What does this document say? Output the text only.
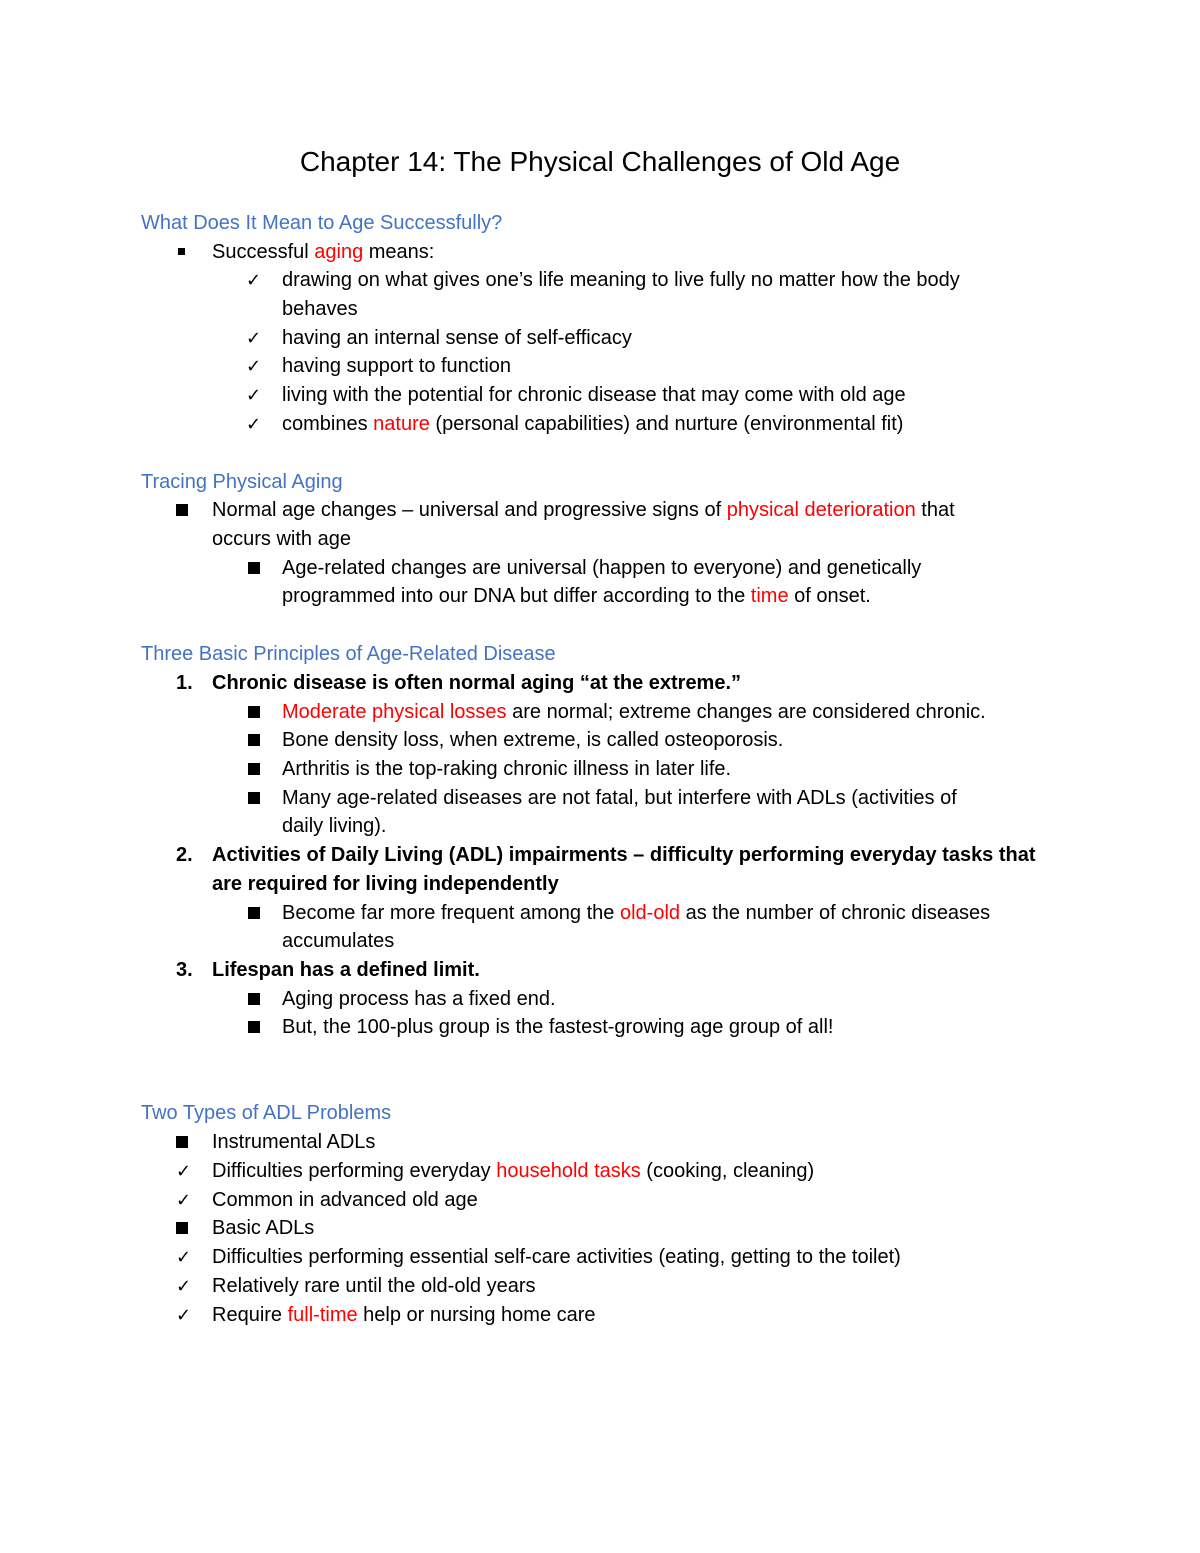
Chapter 14: The Physical Challenges of Old Age
What Does It Mean to Age Successfully?
Successful aging means:
✓ drawing on what gives one’s life meaning to live fully no matter how the body
behaves
✓ having an internal sense of self-efficacy
✓ having support to function
✓ living with the potential for chronic disease that may come with old age
✓ combines nature (personal capabilities) and nurture (environmental fit)
Tracing Physical Aging
Normal age changes – universal and progressive signs of physical deterioration that
occurs with age
Age-related changes are universal (happen to everyone) and genetically
programmed into our DNA but differ according to the time of onset.
Three Basic Principles of Age-Related Disease
1. Chronic disease is often normal aging “at the extreme.”
Moderate physical losses are normal; extreme changes are considered chronic.
Bone density loss, when extreme, is called osteoporosis.
Arthritis is the top-raking chronic illness in later life.
Many age-related diseases are not fatal, but interfere with ADLs (activities of
daily living).
2. Activities of Daily Living (ADL) impairments – difficulty performing everyday tasks that
are required for living independently
Become far more frequent among the old-old as the number of chronic diseases
accumulates
3. Lifespan has a defined limit.
Aging process has a fixed end.
But, the 100-plus group is the fastest-growing age group of all!
Two Types of ADL Problems
Instrumental ADLs
✓ Difficulties performing everyday household tasks (cooking, cleaning)
✓ Common in advanced old age
Basic ADLs
✓ Difficulties performing essential self-care activities (eating, getting to the toilet)
✓ Relatively rare until the old-old years
✓ Require full-time help or nursing home care
